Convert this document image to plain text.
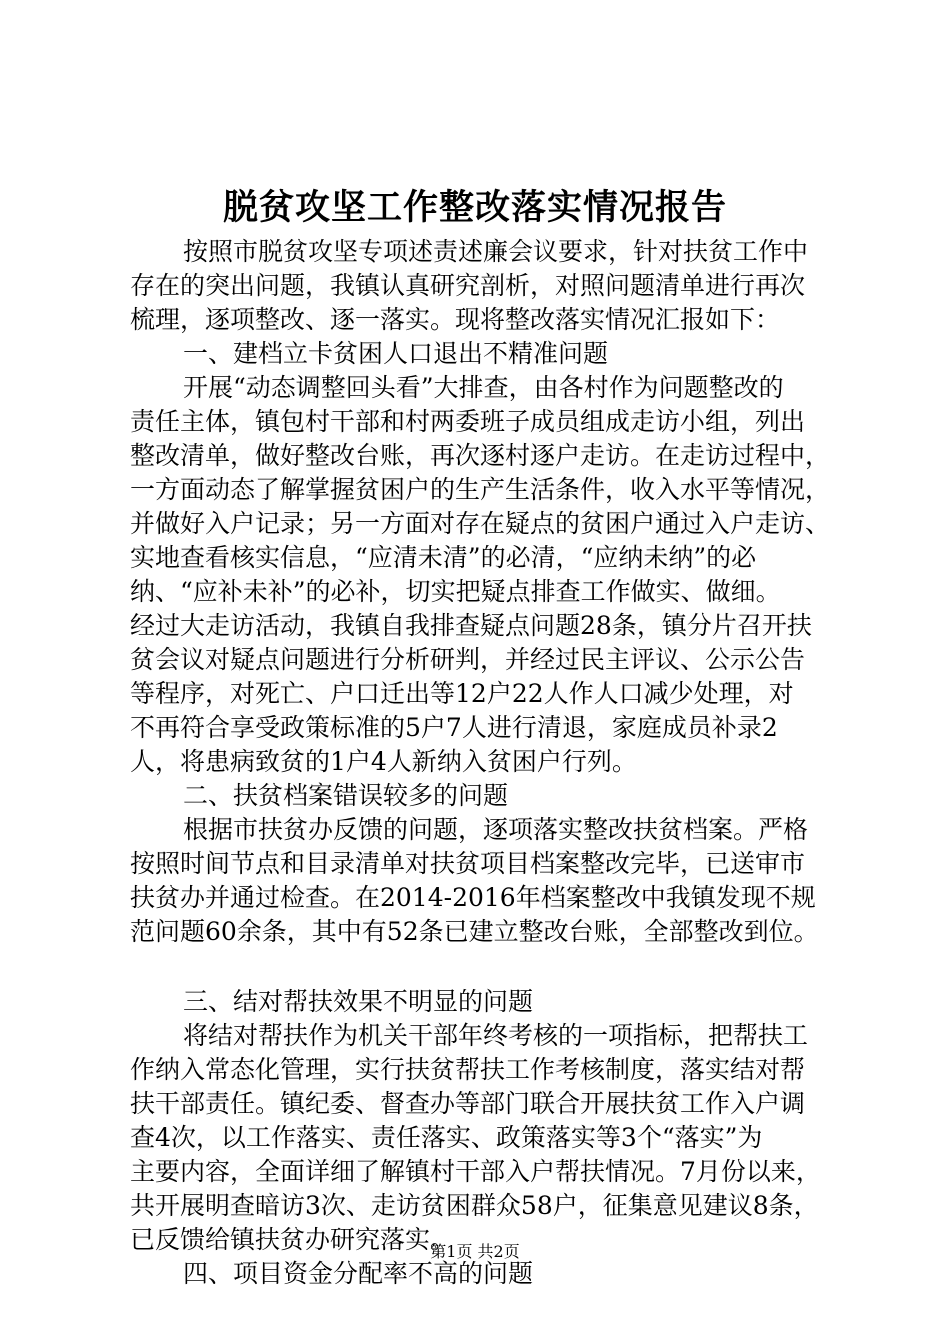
脱贫攻坚工作整改落实情况报告
按照市脱贫攻坚专项述责述廉会议要求，针对扶贫工作中
存在的突出问题，我镇认真研究剖析，对照问题清单进行再次
梳理，逐项整改、逐一落实。现将整改落实情况汇报如下：
一、建档立卡贫困人口退出不精准问题
开展“动态调整回头看”大排查，由各村作为问题整改的
责任主体，镇包村干部和村两委班子成员组成走访小组，列出
整改清单，做好整改台账，再次逐村逐户走访。在走访过程中，
一方面动态了解掌握贫困户的生产生活条件，收入水平等情况，
并做好入户记录；另一方面对存在疑点的贫困户通过入户走访、
实地查看核实信息，“应清未清”的必清，“应纳未纳”的必
纳、“应补未补”的必补，切实把疑点排查工作做实、做细。
经过大走访活动，我镇自我排查疑点问题28条，镇分片召开扶
贫会议对疑点问题进行分析研判，并经过民主评议、公示公告
等程序，对死亡、户口迁出等12户22人作人口减少处理，对
不再符合享受政策标准的5户7人进行清退，家庭成员补录2
人，将患病致贫的1户4人新纳入贫困户行列。
二、扶贫档案错误较多的问题
根据市扶贫办反馈的问题，逐项落实整改扶贫档案。严格
按照时间节点和目录清单对扶贫项目档案整改完毕，已送审市
扶贫办并通过检查。在2014-2016年档案整改中我镇发现不规
范问题60余条，其中有52条已建立整改台账，全部整改到位。
三、结对帮扶效果不明显的问题
将结对帮扶作为机关干部年终考核的一项指标，把帮扶工
作纳入常态化管理，实行扶贫帮扶工作考核制度，落实结对帮
扶干部责任。镇纪委、督查办等部门联合开展扶贫工作入户调
查4次，以工作落实、责任落实、政策落实等3个“落实”为
主要内容，全面详细了解镇村干部入户帮扶情况。7月份以来，
共开展明查暗访3次、走访贫困群众58户，征集意见建议8条，
已反馈给镇扶贫办研究落实。
四、项目资金分配率不高的问题
第1页 共2页
